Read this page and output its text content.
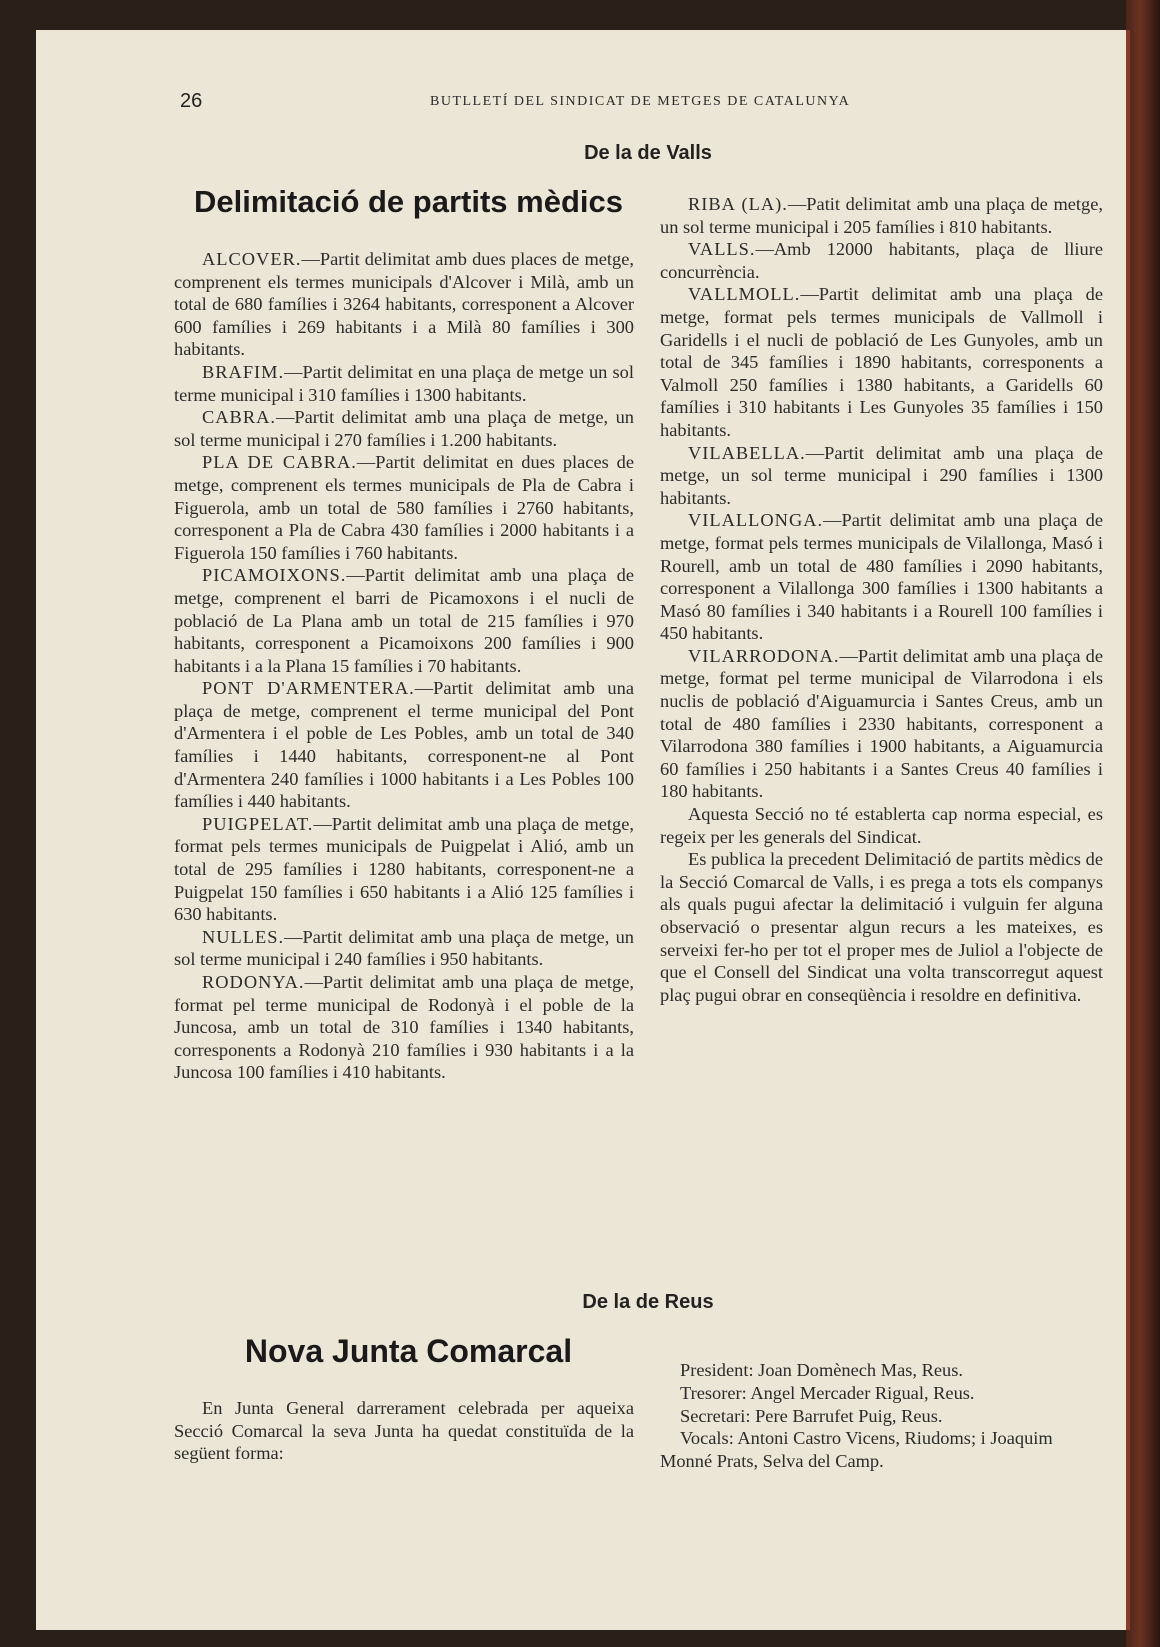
26	BUTLLETÍ DEL SINDICAT DE METGES DE CATALUNYA
De la de Valls
Delimitació de partits mèdics

ALCOVER.—Partit delimitat amb dues places de metge, comprenent els termes municipals d'Alcover i Milà, amb un total de 680 famílies i 3264 habitants, corresponent a Alcover 600 famílies i 269 habitants i a Milà 80 famílies i 300 habitants.

BRAFIM.—Partit delimitat en una plaça de metge un sol terme municipal i 310 famílies i 1300 habitants.

CABRA.—Partit delimitat amb una plaça de metge, un sol terme municipal i 270 famílies i 1.200 habitants.

PLA DE CABRA.—Partit delimitat en dues places de metge, comprenent els termes municipals de Pla de Cabra i Figuerola, amb un total de 580 famílies i 2760 habitants, corresponent a Pla de Cabra 430 famílies i 2000 habitants i a Figuerola 150 famílies i 760 habitants.

PICAMOIXONS.—Partit delimitat amb una plaça de metge, comprenent el barri de Picamoxons i el nucli de població de La Plana amb un total de 215 famílies i 970 habitants, corresponent a Picamoixons 200 famílies i 900 habitants i a la Plana 15 famílies i 70 habitants.

PONT D'ARMENTERA.—Partit delimitat amb una plaça de metge, comprenent el terme municipal del Pont d'Armentera i el poble de Les Pobles, amb un total de 340 famílies i 1440 habitants, corresponent-ne al Pont d'Armentera 240 famílies i 1000 habitants i a Les Pobles 100 famílies i 440 habitants.

PUIGPELAT.—Partit delimitat amb una plaça de metge, format pels termes municipals de Puigpelat i Alió, amb un total de 295 famílies i 1280 habitants, corresponent-ne a Puigpelat 150 famílies i 650 habitants i a Alió 125 famílies i 630 habitants.

NULLES.—Partit delimitat amb una plaça de metge, un sol terme municipal i 240 famílies i 950 habitants.

RODONYA.—Partit delimitat amb una plaça de metge, format pel terme municipal de Rodonyà i el poble de la Juncosa, amb un total de 310 famílies i 1340 habitants, corresponents a Rodonyà 210 famílies i 930 habitants i a la Juncosa 100 famílies i 410 habitants.

RIBA (LA).—Patit delimitat amb una plaça de metge, un sol terme municipal i 205 famílies i 810 habitants.

VALLS.—Amb 12000 habitants, plaça de lliure concurrència.

VALLMOLL.—Partit delimitat amb una plaça de metge, format pels termes municipals de Vallmoll i Garidells i el nucli de població de Les Gunyoles, amb un total de 345 famílies i 1890 habitants, corresponents a Valmoll 250 famílies i 1380 habitants, a Garidells 60 famílies i 310 habitants i Les Gunyoles 35 famílies i 150 habitants.

VILABELLA.—Partit delimitat amb una plaça de metge, un sol terme municipal i 290 famílies i 1300 habitants.

VILALLONGA.—Partit delimitat amb una plaça de metge, format pels termes municipals de Vilallonga, Masó i Rourell, amb un total de 480 famílies i 2090 habitants, corresponent a Vilallonga 300 famílies i 1300 habitants a Masó 80 famílies i 340 habitants i a Rourell 100 famílies i 450 habitants.

VILARRODONA.—Partit delimitat amb una plaça de metge, format pel terme municipal de Vilarrodona i els nuclis de població d'Aiguamurcia i Santes Creus, amb un total de 480 famílies i 2330 habitants, corresponent a Vilarrodona 380 famílies i 1900 habitants, a Aiguamurcia 60 famílies i 250 habitants i a Santes Creus 40 famílies i 180 habitants.

Aquesta Secció no té establerta cap norma especial, es regeix per les generals del Sindicat.

Es publica la precedent Delimitació de partits mèdics de la Secció Comarcal de Valls, i es prega a tots els companys als quals pugui afectar la delimitació i vulguin fer alguna observació o presentar algun recurs a les mateixes, es serveixi fer-ho per tot el proper mes de Juliol a l'objecte de que el Consell del Sindicat una volta transcorregut aquest plaç pugui obrar en conseqüència i resoldre en definitiva.

De la de Reus
Nova Junta Comarcal

En Junta General darrerament celebrada per aqueixa Secció Comarcal la seva Junta ha quedat constituïda de la següent forma:

President: Joan Domènech Mas, Reus.
Tresorer: Angel Mercader Rigual, Reus.
Secretari: Pere Barrufet Puig, Reus.
Vocals: Antoni Castro Vicens, Riudoms; i Joaquim Monné Prats, Selva del Camp.
